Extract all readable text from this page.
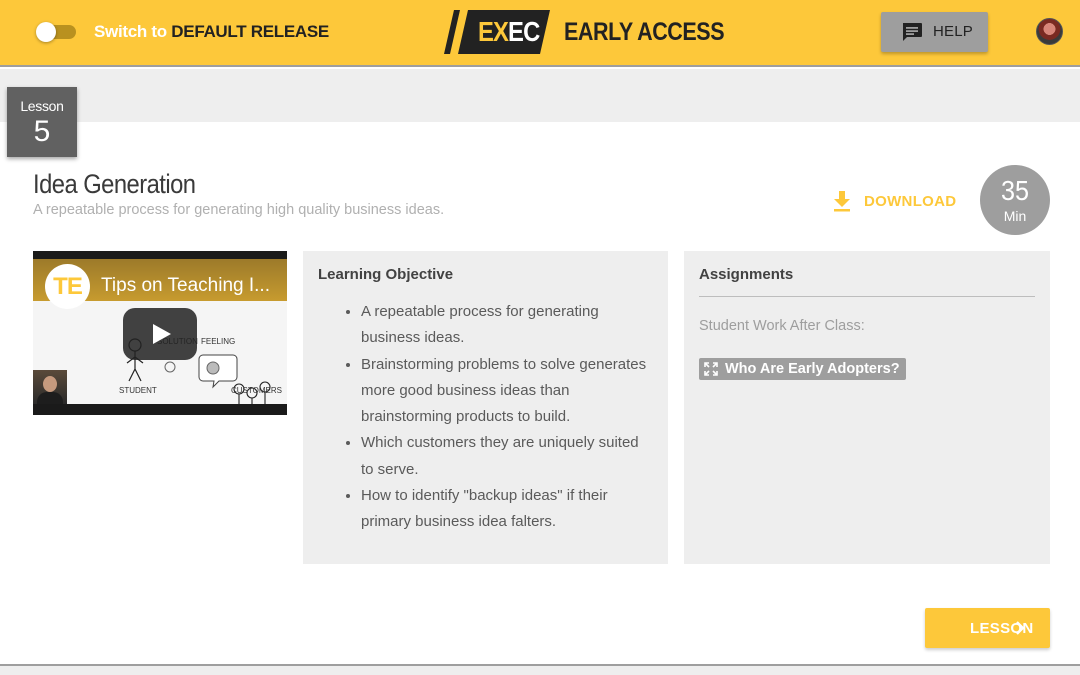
Switch to DEFAULT RELEASE	EXEC EARLY ACCESS	HELP
Lesson
5
Idea Generation
A repeatable process for generating high quality business ideas.
DOWNLOAD	35
Min
TE	Tips on Teaching I...
FEELING
STUDENT	CUSTOMERS
Learning Objective
• A repeatable process for generating business ideas.
• Brainstorming problems to solve generates more good business ideas than brainstorming products to build.
• Which customers they are uniquely suited to serve.
• How to identify "backup ideas" if their primary business idea falters.
Assignments
Student Work After Class:
Who Are Early Adopters?
LESSON
